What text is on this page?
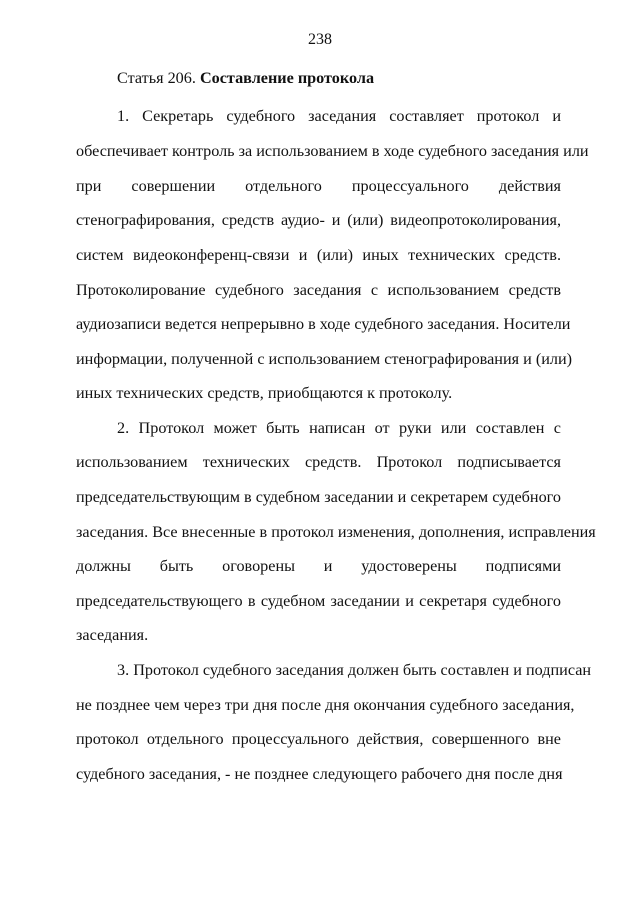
238
Статья 206. Составление протокола
1. Секретарь судебного заседания составляет протокол и
обеспечивает контроль за использованием в ходе судебного заседания или
при совершении отдельного процессуального действия
стенографирования, средств аудио- и (или) видеопротоколирования,
систем видеоконференц-связи и (или) иных технических средств.
Протоколирование судебного заседания с использованием средств
аудиозаписи ведется непрерывно в ходе судебного заседания. Носители
информации, полученной с использованием стенографирования и (или)
иных технических средств, приобщаются к протоколу.
2. Протокол может быть написан от руки или составлен с
использованием технических средств. Протокол подписывается
председательствующим в судебном заседании и секретарем судебного
заседания. Все внесенные в протокол изменения, дополнения, исправления
должны быть оговорены и удостоверены подписями
председательствующего в судебном заседании и секретаря судебного
заседания.
3. Протокол судебного заседания должен быть составлен и подписан
не позднее чем через три дня после дня окончания судебного заседания,
протокол отдельного процессуального действия, совершенного вне
судебного заседания, - не позднее следующего рабочего дня после дня
